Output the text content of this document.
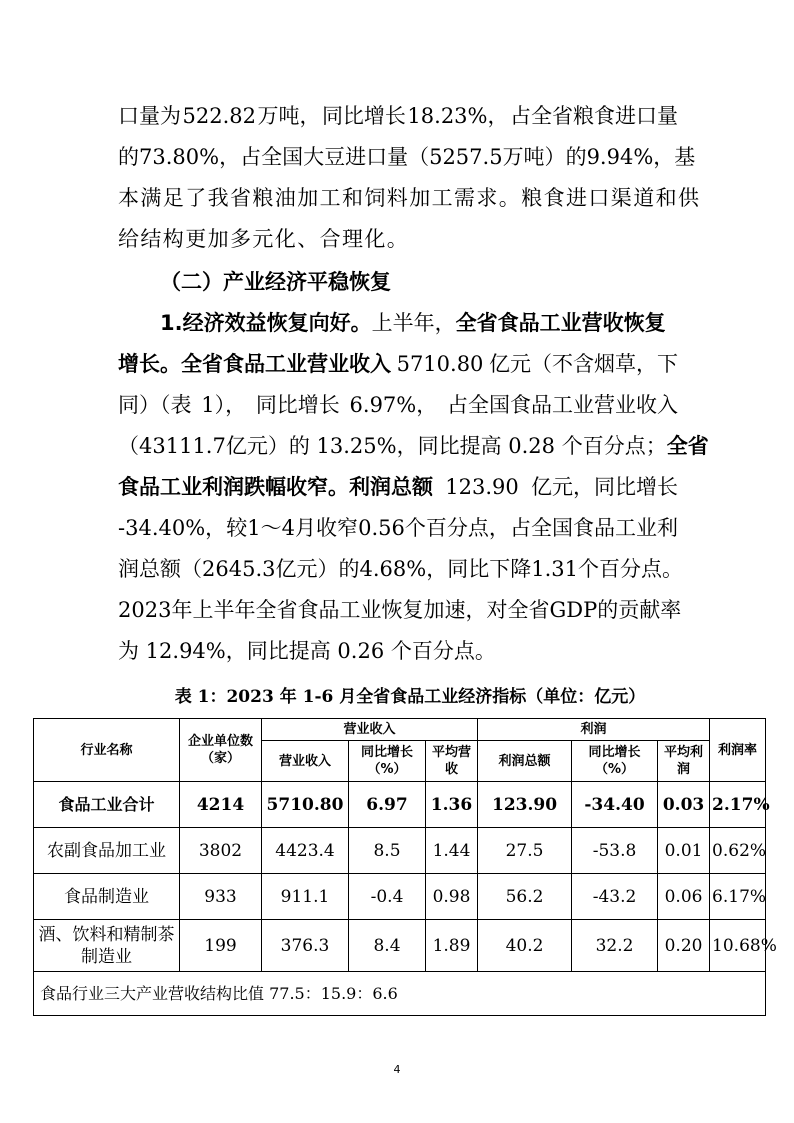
口量为 522.82 万吨， 同比增长 18.23%， 占全省粮食进口量
的 73.80%， 占全国大豆进口量（ 5257.5 万吨） 的 9.94%， 基
本满足了我省粮油加工和饲料加工需求。粮食进口渠道和供
给结构更加多元化、合理化。
（二）产业经济平稳恢复
1.经济效益恢复向好。 上半年， 全省食品工业营收恢复
增长。全省食品工业营业收入 5710.80 亿元（不含烟草，下
同）（表 1）， 同比增长 6.97%， 占全国食品工业营业收入
（43111.7亿元）的 13.25%，同比提高 0.28 个百分点； 全省
食品工业利润跌幅收窄。利润总额 123.90 亿元，同比增长
-34.40%， 较 1～4 月收窄 0.56 个百分点， 占全国食品工业利
润总额（2645.3 亿元） 的 4.68%， 同比下降 1.31 个百分点。
2023 年上半年全省食品工业恢复加速， 对全省 GDP 的贡献率
为 12.94%，同比提高 0.26 个百分点。
表 1：2023 年 1-6 月全省食品工业经济指标（单位：亿元）
行业名称	企业单位数（家）	营业收入			利润			利润率
		营业收入	同比增长（%）	平均营收	利润总额	同比增长（%）	平均利润	
食品工业合计	4214	5710.80	6.97	1.36	123.90	-34.40	0.03	2.17%
农副食品加工业	3802	4423.4	8.5	1.44	27.5	-53.8	0.01	0.62%
食品制造业	933	911.1	-0.4	0.98	56.2	-43.2	0.06	6.17%
酒、饮料和精制茶制造业	199	376.3	8.4	1.89	40.2	32.2	0.20	10.68%
食品行业三大产业营收结构比值 77.5：15.9：6.6								
4
